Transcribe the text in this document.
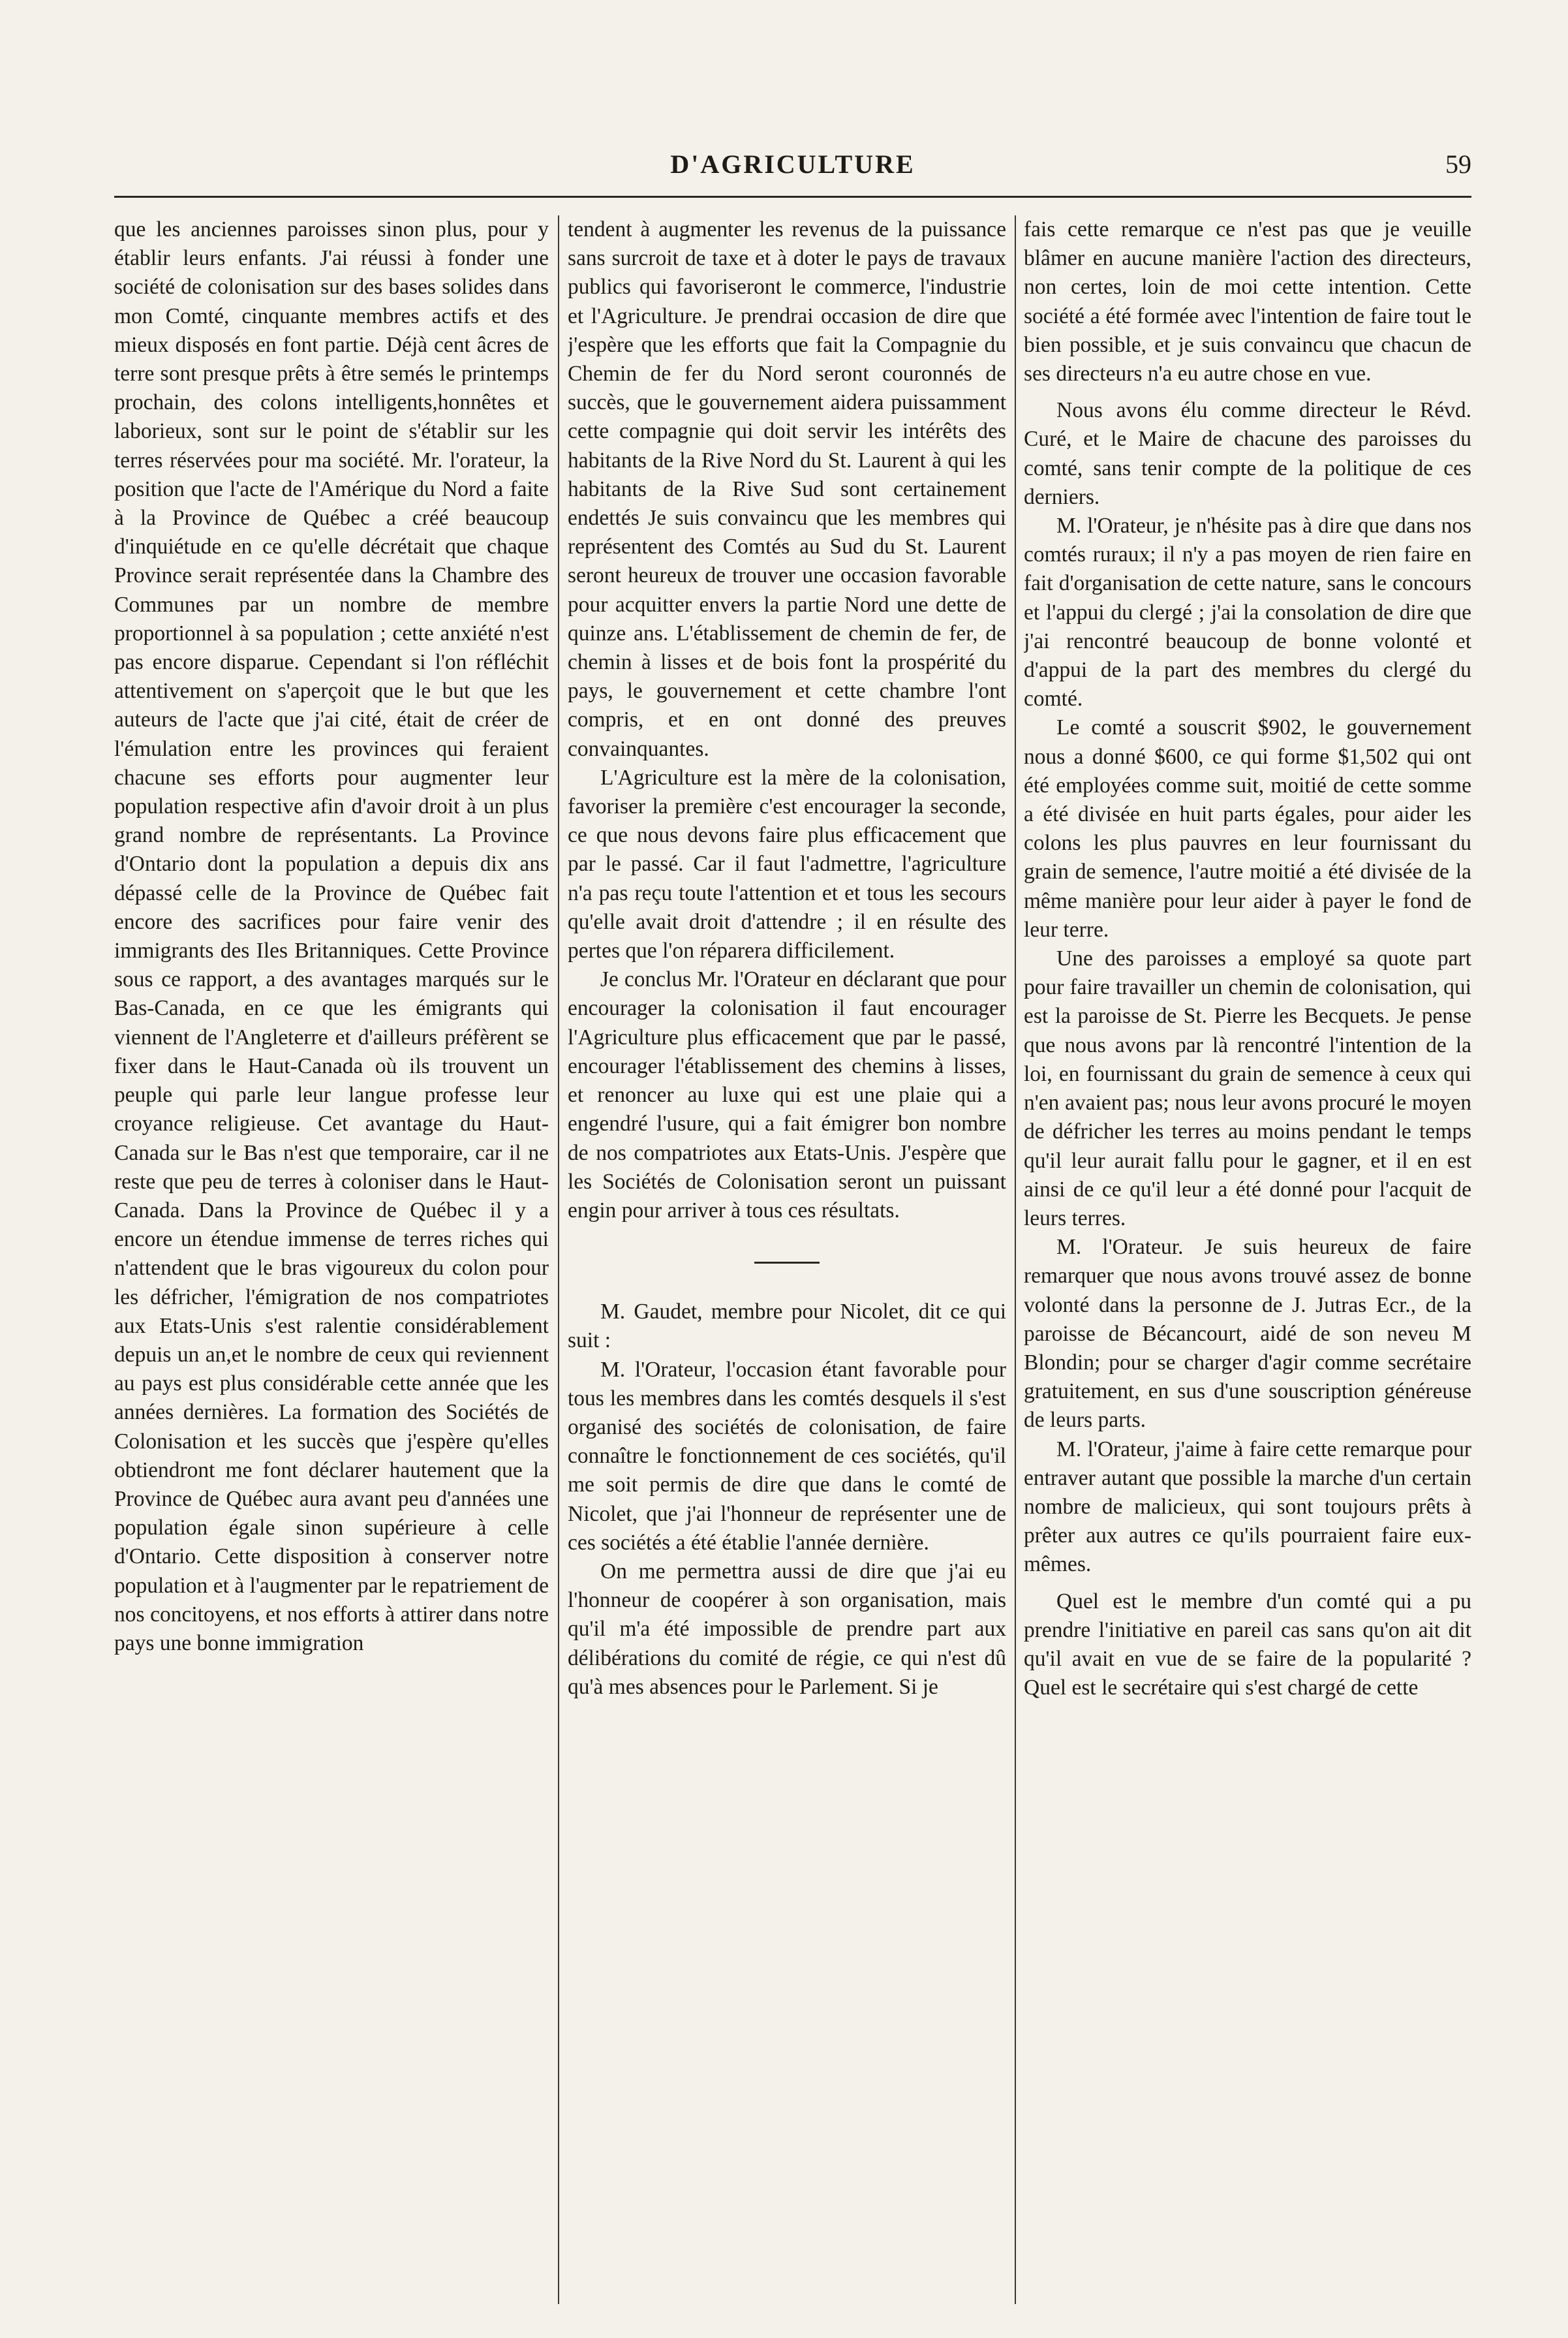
D'AGRICULTURE	59

que les anciennes paroisses sinon plus, pour y établir leurs enfants. J'ai réussi à fonder une société de colonisation sur des bases solides dans mon Comté, cinquante membres actifs et des mieux disposés en font partie. Déjà cent âcres de terre sont presque prêts à être semés le printemps prochain, des colons intelligents,honnêtes et laborieux, sont sur le point de s'établir sur les terres réservées pour ma société. Mr. l'orateur, la position que l'acte de l'Amérique du Nord a faite à la Province de Québec a créé beaucoup d'inquiétude en ce qu'elle décrétait que chaque Province serait représentée dans la Chambre des Communes par un nombre de membre proportionnel à sa population ; cette anxiété n'est pas encore disparue. Cependant si l'on réfléchit attentivement on s'aperçoit que le but que les auteurs de l'acte que j'ai cité, était de créer de l'émulation entre les provinces qui feraient chacune ses efforts pour augmenter leur population respective afin d'avoir droit à un plus grand nombre de représentants. La Province d'Ontario dont la population a depuis dix ans dépassé celle de la Province de Québec fait encore des sacrifices pour faire venir des immigrants des Iles Britanniques. Cette Province sous ce rapport, a des avantages marqués sur le Bas-Canada, en ce que les émigrants qui viennent de l'Angleterre et d'ailleurs préfèrent se fixer dans le Haut-Canada où ils trouvent un peuple qui parle leur langue professe leur croyance religieuse. Cet avantage du Haut-Canada sur le Bas n'est que temporaire, car il ne reste que peu de terres à coloniser dans le Haut-Canada. Dans la Province de Québec il y a encore un étendue immense de terres riches qui n'attendent que le bras vigoureux du colon pour les défricher, l'émigration de nos compatriotes aux Etats-Unis s'est ralentie considérablement depuis un an,et le nombre de ceux qui reviennent au pays est plus considérable cette année que les années dernières. La formation des Sociétés de Colonisation et les succès que j'espère qu'elles obtiendront me font déclarer hautement que la Province de Québec aura avant peu d'années une population égale sinon supérieure à celle d'Ontario. Cette disposition à conserver notre population et à l'augmenter par le repatriement de nos concitoyens, et nos efforts à attirer dans notre pays une bonne immigration

tendent à augmenter les revenus de la puissance sans surcroit de taxe et à doter le pays de travaux publics qui favoriseront le commerce, l'industrie et l'Agriculture. Je prendrai occasion de dire que j'espère que les efforts que fait la Compagnie du Chemin de fer du Nord seront couronnés de succès, que le gouvernement aidera puissamment cette compagnie qui doit servir les intérêts des habitants de la Rive Nord du St. Laurent à qui les habitants de la Rive Sud sont certainement endettés Je suis convaincu que les membres qui représentent des Comtés au Sud du St. Laurent seront heureux de trouver une occasion favorable pour acquitter envers la partie Nord une dette de quinze ans. L'établissement de chemin de fer, de chemin à lisses et de bois font la prospérité du pays, le gouvernement et cette chambre l'ont compris, et en ont donné des preuves convainquantes.

L'Agriculture est la mère de la colonisation, favoriser la première c'est encourager la seconde, ce que nous devons faire plus efficacement que par le passé. Car il faut l'admettre, l'agriculture n'a pas reçu toute l'attention et et tous les secours qu'elle avait droit d'attendre ; il en résulte des pertes que l'on réparera difficilement.

Je conclus Mr. l'Orateur en déclarant que pour encourager la colonisation il faut encourager l'Agriculture plus efficacement que par le passé, encourager l'établissement des chemins à lisses, et renoncer au luxe qui est une plaie qui a engendré l'usure, qui a fait émigrer bon nombre de nos compatriotes aux Etats-Unis. J'espère que les Sociétés de Colonisation seront un puissant engin pour arriver à tous ces résultats.

M. Gaudet, membre pour Nicolet, dit ce qui suit :

M. l'Orateur, l'occasion étant favorable pour tous les membres dans les comtés desquels il s'est organisé des sociétés de colonisation, de faire connaître le fonctionnement de ces sociétés, qu'il me soit permis de dire que dans le comté de Nicolet, que j'ai l'honneur de représenter une de ces sociétés a été établie l'année dernière.

On me permettra aussi de dire que j'ai eu l'honneur de coopérer à son organisation, mais qu'il m'a été impossible de prendre part aux délibérations du comité de régie, ce qui n'est dû qu'à mes absences pour le Parlement. Si je

fais cette remarque ce n'est pas que je veuille blâmer en aucune manière l'action des directeurs, non certes, loin de moi cette intention. Cette société a été formée avec l'intention de faire tout le bien possible, et je suis convaincu que chacun de ses directeurs n'a eu autre chose en vue.

Nous avons élu comme directeur le Révd. Curé, et le Maire de chacune des paroisses du comté, sans tenir compte de la politique de ces derniers.

M. l'Orateur, je n'hésite pas à dire que dans nos comtés ruraux; il n'y a pas moyen de rien faire en fait d'organisation de cette nature, sans le concours et l'appui du clergé ; j'ai la consolation de dire que j'ai rencontré beaucoup de bonne volonté et d'appui de la part des membres du clergé du comté.

Le comté a souscrit $902, le gouvernement nous a donné $600, ce qui forme $1,502 qui ont été employées comme suit, moitié de cette somme a été divisée en huit parts égales, pour aider les colons les plus pauvres en leur fournissant du grain de semence, l'autre moitié a été divisée de la même manière pour leur aider à payer le fond de leur terre.

Une des paroisses a employé sa quote part pour faire travailler un chemin de colonisation, qui est la paroisse de St. Pierre les Becquets. Je pense que nous avons par là rencontré l'intention de la loi, en fournissant du grain de semence à ceux qui n'en avaient pas; nous leur avons procuré le moyen de défricher les terres au moins pendant le temps qu'il leur aurait fallu pour le gagner, et il en est ainsi de ce qu'il leur a été donné pour l'acquit de leurs terres.

M. l'Orateur. Je suis heureux de faire remarquer que nous avons trouvé assez de bonne volonté dans la personne de J. Jutras Ecr., de la paroisse de Bécancourt, aidé de son neveu M Blondin; pour se charger d'agir comme secrétaire gratuitement, en sus d'une souscription généreuse de leurs parts.

M. l'Orateur, j'aime à faire cette remarque pour entraver autant que possible la marche d'un certain nombre de malicieux, qui sont toujours prêts à prêter aux autres ce qu'ils pourraient faire eux-mêmes.

Quel est le membre d'un comté qui a pu prendre l'initiative en pareil cas sans qu'on ait dit qu'il avait en vue de se faire de la popularité ? Quel est le secrétaire qui s'est chargé de cette
